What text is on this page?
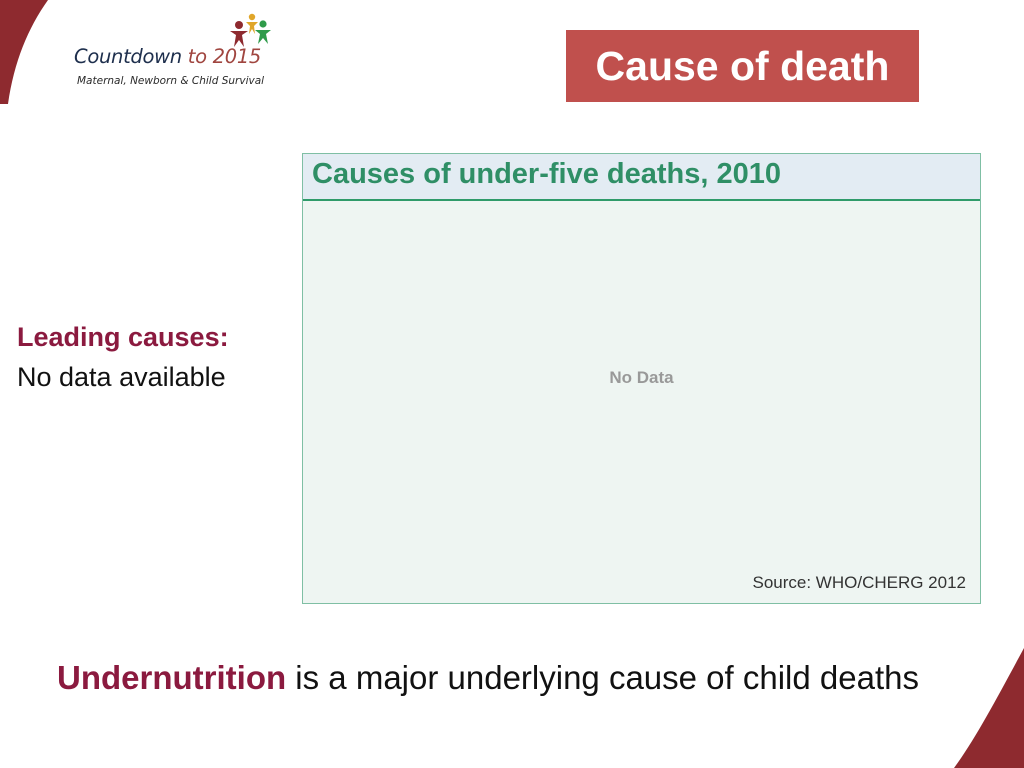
Countdown to 2015
Maternal, Newborn & Child Survival	Cause of death
Leading causes:
No data available
Causes of under-five deaths, 2010
No Data
Source: WHO/CHERG 2012
Undernutrition is a major underlying cause of child deaths
